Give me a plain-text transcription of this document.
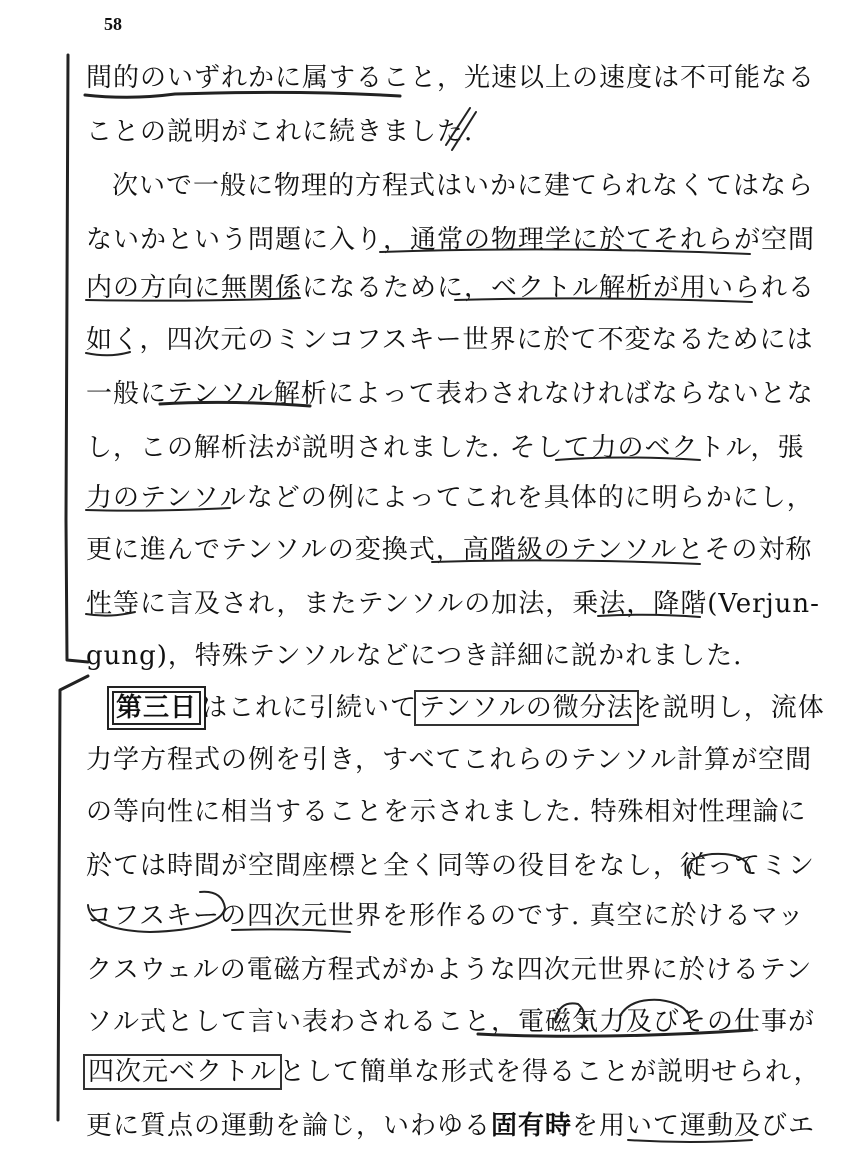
58
間的のいずれかに属すること，光速以上の速度は不可能なる
ことの説明がこれに続きました.
次いで一般に物理的方程式はいかに建てられなくてはなら
ないかという問題に入り，通常の物理学に於てそれらが空間
内の方向に無関係になるために，ベクトル解析が用いられる
如く，四次元のミンコフスキー世界に於て不変なるためには
一般にテンソル解析によって表わされなければならないとな
し，この解析法が説明されました. そして力のベクトル，張
力のテンソルなどの例によってこれを具体的に明らかにし，
更に進んでテンソルの変換式，高階級のテンソルとその対称
性等に言及され，またテンソルの加法，乗法，降階(Verjun-
gung)，特殊テンソルなどにつき詳細に説かれました.
第三日 はこれに引続いてテンソルの微分法を説明し，流体
力学方程式の例を引き，すべてこれらのテンソル計算が空間
の等向性に相当することを示されました. 特殊相対性理論に
於ては時間が空間座標と全く同等の役目をなし，従ってミン
コフスキーの四次元世界を形作るのです. 真空に於けるマッ
クスウェルの電磁方程式がかような四次元世界に於けるテン
ソル式として言い表わされること，電磁気力及びその仕事が
四次元ベクトルとして簡単な形式を得ることが説明せられ，
更に質点の運動を論じ，いわゆる固有時を用いて運動及びエ
